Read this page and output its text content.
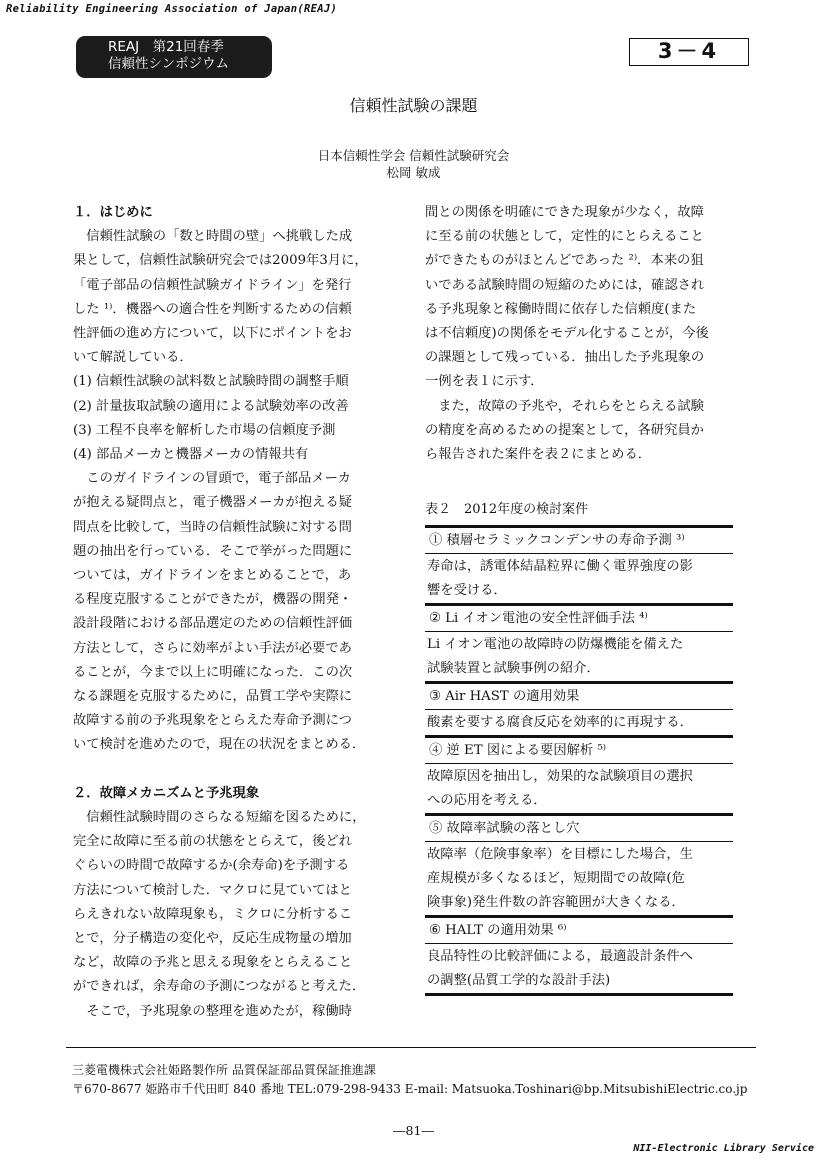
Reliability Engineering Association of Japan(REAJ)
REAJ　第21回春季
信頼性シンポジウム
3－4
信頼性試験の課題
日本信頼性学会 信頼性試験研究会
松岡 敏成
１．はじめに
　信頼性試験の「数と時間の壁」へ挑戦した成
果として，信頼性試験研究会では2009年3月に，
「電子部品の信頼性試験ガイドライン」を発行
した ¹⁾．機器への適合性を判断するための信頼
性評価の進め方について，以下にポイントをお
いて解説している．
(1) 信頼性試験の試料数と試験時間の調整手順
(2) 計量抜取試験の適用による試験効率の改善
(3) 工程不良率を解析した市場の信頼度予測
(4) 部品メーカと機器メーカの情報共有
　このガイドラインの冒頭で，電子部品メーカ
が抱える疑問点と，電子機器メーカが抱える疑
問点を比較して，当時の信頼性試験に対する問
題の抽出を行っている．そこで挙がった問題に
ついては，ガイドラインをまとめることで，あ
る程度克服することができたが，機器の開発・
設計段階における部品選定のための信頼性評価
方法として，さらに効率がよい手法が必要であ
ることが，今まで以上に明確になった．この次
なる課題を克服するために，品質工学や実際に
故障する前の予兆現象をとらえた寿命予測につ
いて検討を進めたので，現在の状況をまとめる．
２．故障メカニズムと予兆現象
　信頼性試験時間のさらなる短縮を図るために，
完全に故障に至る前の状態をとらえて，後どれ
ぐらいの時間で故障するか(余寿命)を予測する
方法について検討した．マクロに見ていてはと
らえきれない故障現象も，ミクロに分析するこ
とで，分子構造の変化や，反応生成物量の増加
など，故障の予兆と思える現象をとらえること
ができれば，余寿命の予測につながると考えた．
　そこで，予兆現象の整理を進めたが，稼働時
間との関係を明確にできた現象が少なく，故障
に至る前の状態として，定性的にとらえること
ができたものがほとんどであった ²⁾．本来の狙
いである試験時間の短縮のためには，確認され
る予兆現象と稼働時間に依存した信頼度(また
は不信頼度)の関係をモデル化することが，今後
の課題として残っている．抽出した予兆現象の
一例を表１に示す．
　また，故障の予兆や，それらをとらえる試験
の精度を高めるための提案として，各研究員か
ら報告された案件を表２にまとめる．
表２　2012年度の検討案件
① 積層セラミックコンデンサの寿命予測 ³⁾
寿命は，誘電体結晶粒界に働く電界強度の影
響を受ける．
② Li イオン電池の安全性評価手法 ⁴⁾
Li イオン電池の故障時の防爆機能を備えた
試験装置と試験事例の紹介．
③ Air HAST の適用効果
酸素を要する腐食反応を効率的に再現する．
④ 逆 ET 図による要因解析 ⁵⁾
故障原因を抽出し，効果的な試験項目の選択
への応用を考える．
⑤ 故障率試験の落とし穴
故障率（危険事象率）を目標にした場合，生
産規模が多くなるほど，短期間での故障(危
険事象)発生件数の許容範囲が大きくなる．
⑥ HALT の適用効果 ⁶⁾
良品特性の比較評価による，最適設計条件へ
の調整(品質工学的な設計手法)
三菱電機株式会社姫路製作所 品質保証部品質保証推進課
〒670-8677 姫路市千代田町 840 番地 TEL:079-298-9433 E-mail: Matsuoka.Toshinari@bp.MitsubishiElectric.co.jp
―81―
NII-Electronic Library Service
